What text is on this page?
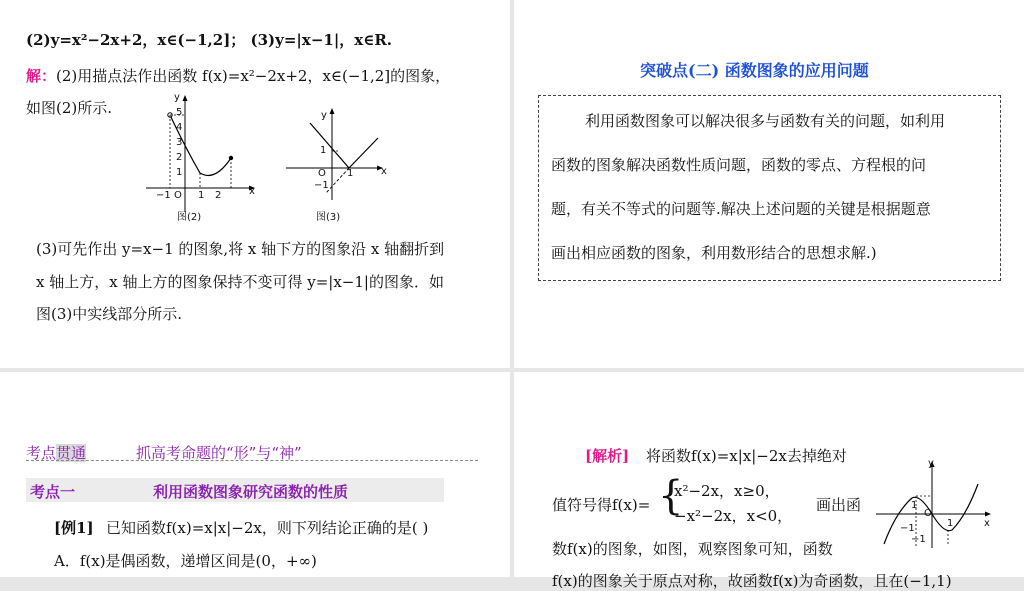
(2)y=x²−2x+2，x∈(−1,2]； (3)y=|x−1|，x∈R.
解：(2)用描点法作出函数 f(x)=x²−2x+2，x∈(−1,2]的图象，
如图(2)所示.
y
x
5
4
3
2
1
−1 O 1 2
图(2)
y
x
1
−1
O 1
图(3)
(3)可先作出 y=x−1 的图象,将 x 轴下方的图象沿 x 轴翻折到
x 轴上方，x 轴上方的图象保持不变可得 y=|x−1|的图象．如
图(3)中实线部分所示.
突破点(二) 函数图象的应用问题
利用函数图象可以解决很多与函数有关的问题，如利用
函数的图象解决函数性质问题，函数的零点、方程根的问
题，有关不等式的问题等.解决上述问题的关键是根据题意
画出相应函数的图象，利用数形结合的思想求解.)
考点贯通	抓高考命题的“形”与“神”
考点一	利用函数图象研究函数的性质
[例1] 已知函数f(x)=x|x|−2x，则下列结论正确的是( )
A．f(x)是偶函数，递增区间是(0，+∞)
[解析] 将函数f(x)=x|x|−2x去掉绝对
值符号得f(x)= {
x²−2x，x≥0，
−x²−2x，x<0，
画出函
数f(x)的图象，如图，观察图象可知，函数
f(x)的图象关于原点对称，故函数f(x)为奇函数，且在(−1,1)
y
x
O
1
−1	1
−1
